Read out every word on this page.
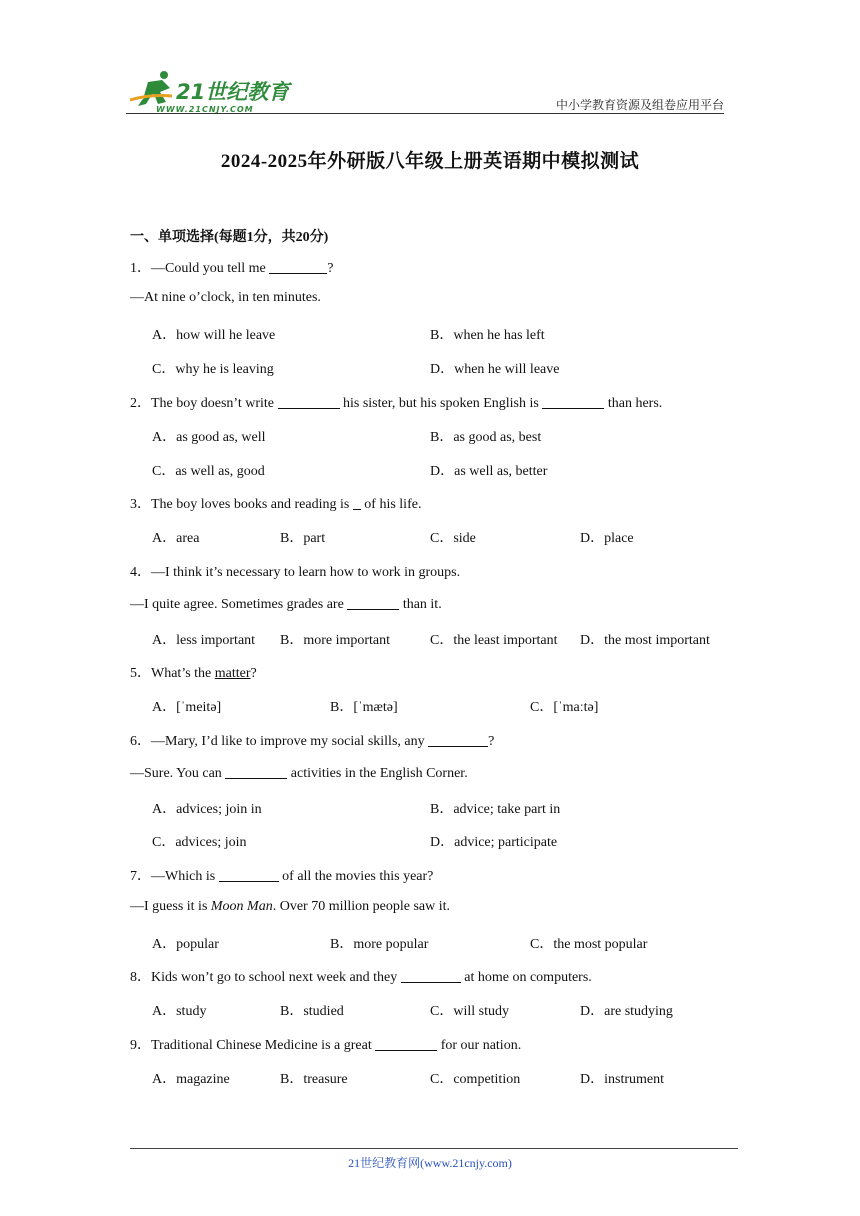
21世纪教育
WWW.21CNJY.COM	中小学教育资源及组卷应用平台
2024-2025年外研版八年级上册英语期中模拟测试
一、单项选择(每题1分，共20分)
1．—Could you tell me	?
—At nine o’clock, in ten minutes.
A．how will he leave	B．when he has left
C．why he is leaving	D．when he will leave
2．The boy doesn’t write	his sister, but his spoken English is	than hers.
A．as good as, well	B．as good as, best
C．as well as, good	D．as well as, better
3．The boy loves books and reading is  of his life.
A．area	B．part	C．side	D．place
4．—I think it’s necessary to learn how to work in groups.
—I quite agree. Sometimes grades are	than it.
A．less important B．more important	C．the least important D．the most important
5．What’s the matter?
A．[ˈmeitə]	B．[ˈmætə]	C．[ˈmaːtə]
6．—Mary, I’d like to improve my social skills, any	?
—Sure. You can	activities in the English Corner.
A．advices; join in	B．advice; take part in
C．advices; join	D．advice; participate
7．—Which is	of all the movies this year?
—I guess it is Moon Man. Over 70 million people saw it.
A．popular	B．more popular	C．the most popular
8．Kids won’t go to school next week and they	at home on computers.
A．study	B．studied	C．will study	D．are studying
9．Traditional Chinese Medicine is a great	for our nation.
A．magazine	B．treasure	C．competition	D．instrument
21世纪教育网(www.21cnjy.com)
